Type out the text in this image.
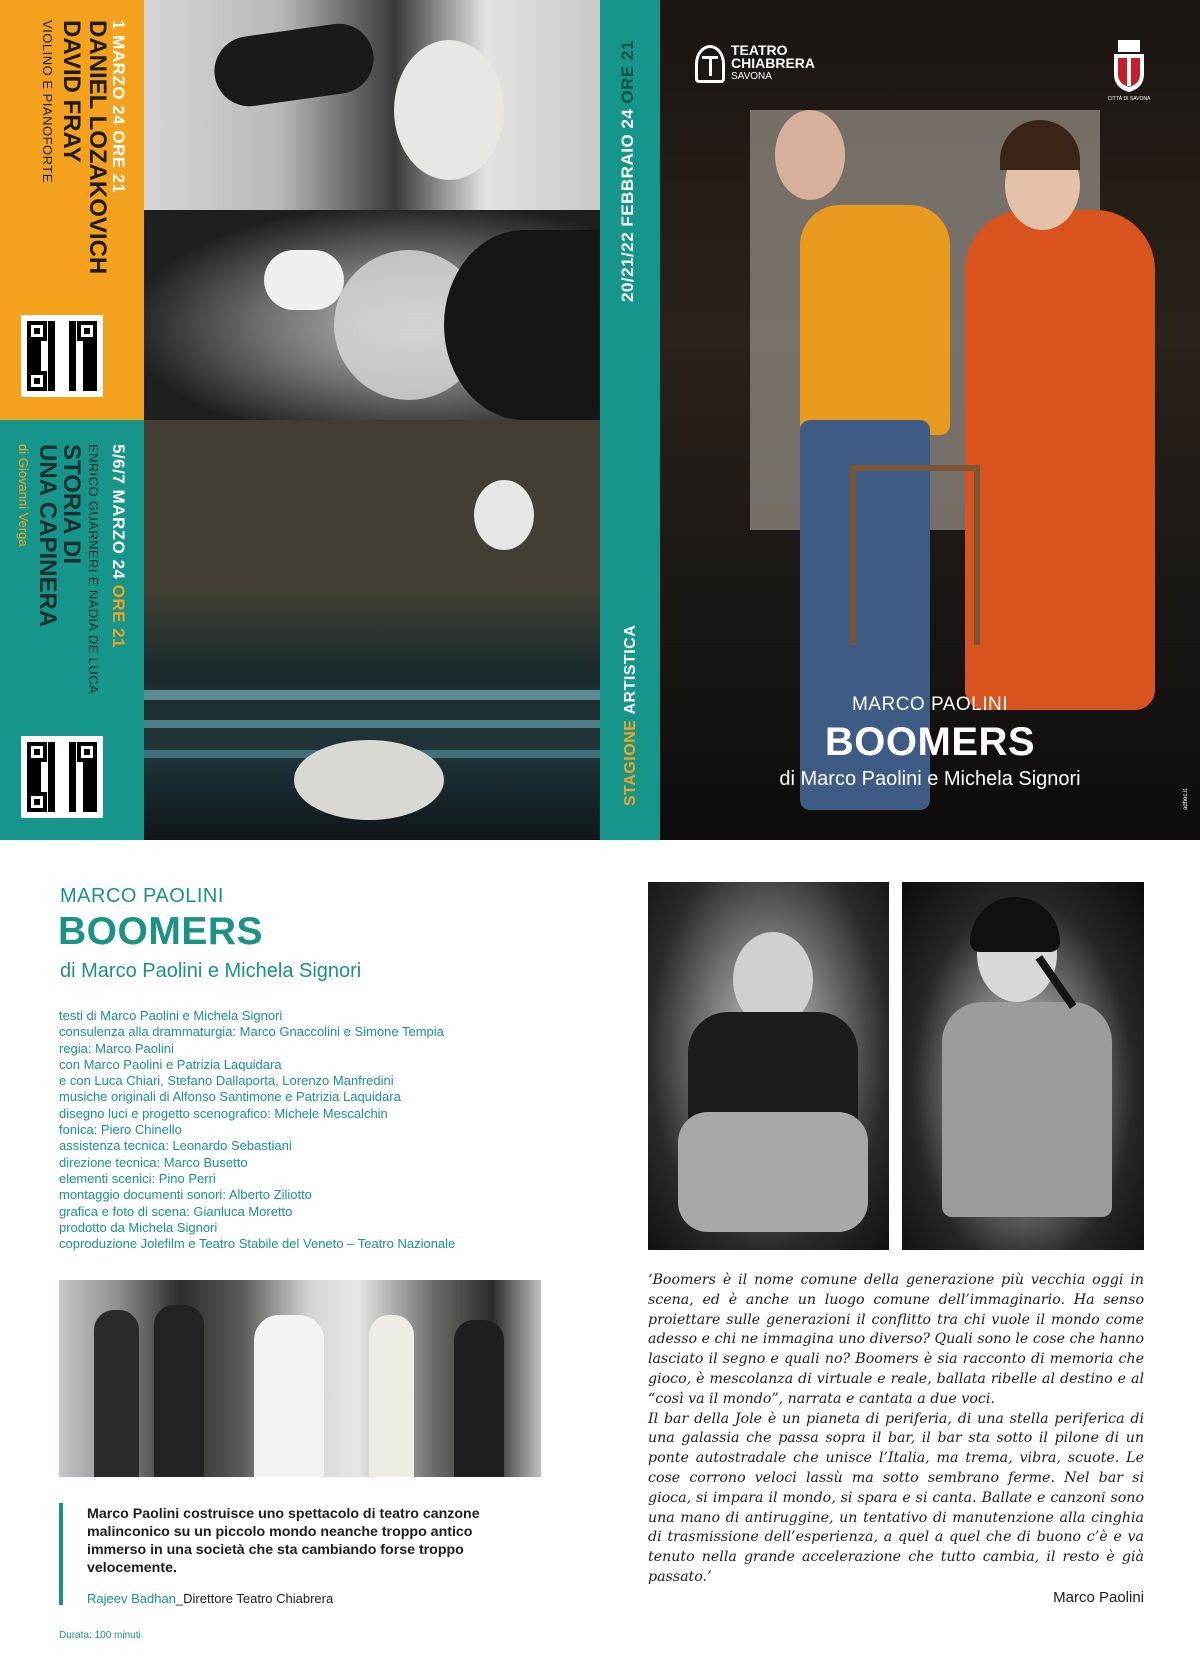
1 MARZO 24 ORE 21
DANIEL LOZAKOVICH
DAVID FRAY
VIOLINO E PIANOFORTE
5/6/7 MARZO 24 ORE 21
ENRICO GUARNERI E NADIA DE LUCA
STORIA DI
UNA CAPINERA
di Giovanni Verga
20/21/22 FEBBRAIO 24 ORE 21
STAGIONE ARTISTICA
TEATRO
CHIABRERA
SAVONA
CITTÀ DI SAVONA
MARCO PAOLINI
BOOMERS
di Marco Paolini e Michela Signori
adhoc.it
MARCO PAOLINI
BOOMERS
di Marco Paolini e Michela Signori
testi di Marco Paolini e Michela Signori
consulenza alla drammaturgia: Marco Gnaccolini e Simone Tempia
regia: Marco Paolini
con Marco Paolini e Patrizia Laquidara
e con Luca Chiari, Stefano Dallaporta, Lorenzo Manfredini
musiche originali di Alfonso Santimone e Patrizia Laquidara
disegno luci e progetto scenografico: Michele Mescalchin
fonica: Piero Chinello
assistenza tecnica: Leonardo Sebastiani
direzione tecnica: Marco Busetto
elementi scenici: Pino Perri
montaggio documenti sonori: Alberto Ziliotto
grafica e foto di scena: Gianluca Moretto
prodotto da Michela Signori
coproduzione Jolefilm e Teatro Stabile del Veneto – Teatro Nazionale
Marco Paolini costruisce uno spettacolo di teatro canzone malinconico su un piccolo mondo neanche troppo antico immerso in una società che sta cambiando forse troppo velocemente.
Rajeev Badhan_Direttore Teatro Chiabrera
Durata: 100 minuti

‘Boomers è il nome comune della generazione più vecchia oggi in scena, ed è anche un luogo comune dell’immaginario. Ha senso proiettare sulle generazioni il conflitto tra chi vuole il mondo come adesso e chi ne immagina uno diverso? Quali sono le cose che hanno lasciato il segno e quali no? Boomers è sia racconto di memoria che gioco, è mescolanza di virtuale e reale, ballata ribelle al destino e al “così va il mondo”, narrata e cantata a due voci.

Il bar della Jole è un pianeta di periferia, di una stella periferica di una galassia che passa sopra il bar, il bar sta sotto il pilone di un ponte autostradale che unisce l’Italia, ma trema, vibra, scuote. Le cose corrono veloci lassù ma sotto sembrano ferme. Nel bar si gioca, si impara il mondo, si spara e si canta. Ballate e canzoni sono una mano di antiruggine, un tentativo di manutenzione alla cinghia di trasmissione dell’esperienza, a quel a quel che di buono c’è e va tenuto nella grande accelerazione che tutto cambia, il resto è già passato.’

Marco Paolini
